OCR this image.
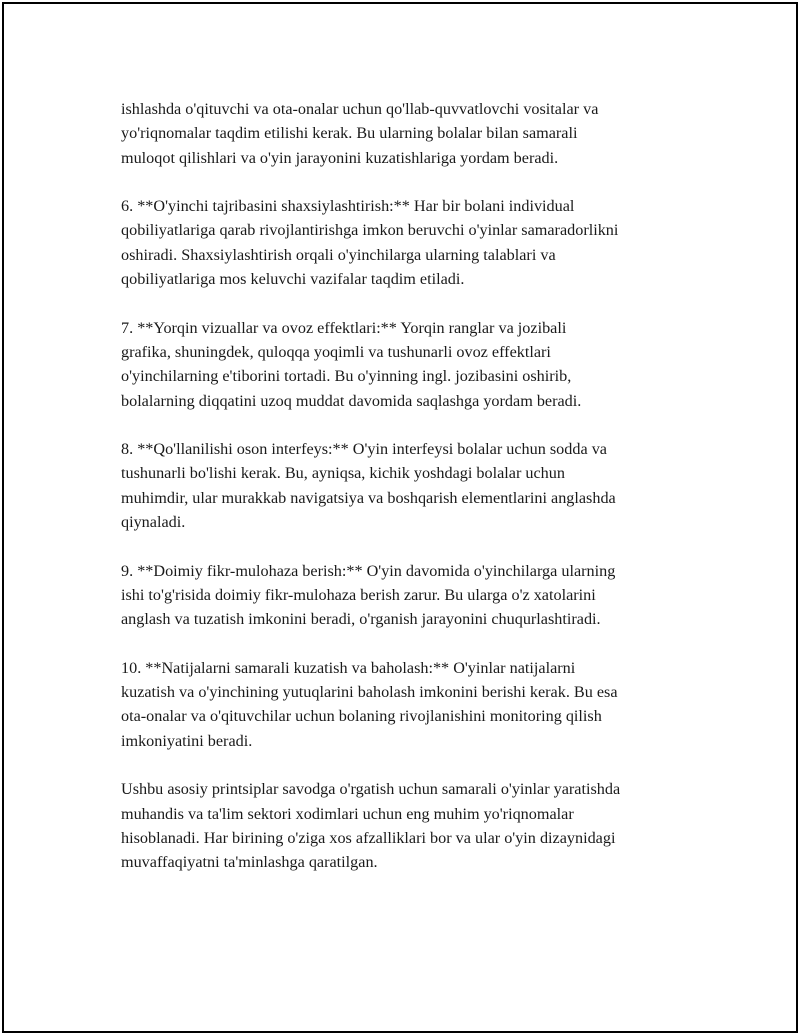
ishlashda o'qituvchi va ota-onalar uchun qo'llab-quvvatlovchi vositalar va
yo'riqnomalar taqdim etilishi kerak. Bu ularning bolalar bilan samarali
muloqot qilishlari va o'yin jarayonini kuzatishlariga yordam beradi.

6. **O'yinchi tajribasini shaxsiylashtirish:** Har bir bolani individual
qobiliyatlariga qarab rivojlantirishga imkon beruvchi o'yinlar samaradorlikni
oshiradi. Shaxsiylashtirish orqali o'yinchilarga ularning talablari va
qobiliyatlariga mos keluvchi vazifalar taqdim etiladi.

7. **Yorqin vizuallar va ovoz effektlari:** Yorqin ranglar va jozibali
grafika, shuningdek, quloqqa yoqimli va tushunarli ovoz effektlari
o'yinchilarning e'tiborini tortadi. Bu o'yinning ingl. jozibasini oshirib,
bolalarning diqqatini uzoq muddat davomida saqlashga yordam beradi.

8. **Qo'llanilishi oson interfeys:** O'yin interfeysi bolalar uchun sodda va
tushunarli bo'lishi kerak. Bu, ayniqsa, kichik yoshdagi bolalar uchun
muhimdir, ular murakkab navigatsiya va boshqarish elementlarini anglashda
qiynaladi.

9. **Doimiy fikr-mulohaza berish:** O'yin davomida o'yinchilarga ularning
ishi to'g'risida doimiy fikr-mulohaza berish zarur. Bu ularga o'z xatolarini
anglash va tuzatish imkonini beradi, o'rganish jarayonini chuqurlashtiradi.

10. **Natijalarni samarali kuzatish va baholash:** O'yinlar natijalarni
kuzatish va o'yinchining yutuqlarini baholash imkonini berishi kerak. Bu esa
ota-onalar va o'qituvchilar uchun bolaning rivojlanishini monitoring qilish
imkoniyatini beradi.

Ushbu asosiy printsiplar savodga o'rgatish uchun samarali o'yinlar yaratishda
muhandis va ta'lim sektori xodimlari uchun eng muhim yo'riqnomalar
hisoblanadi. Har birining o'ziga xos afzalliklari bor va ular o'yin dizaynidagi
muvaffaqiyatni ta'minlashga qaratilgan.
